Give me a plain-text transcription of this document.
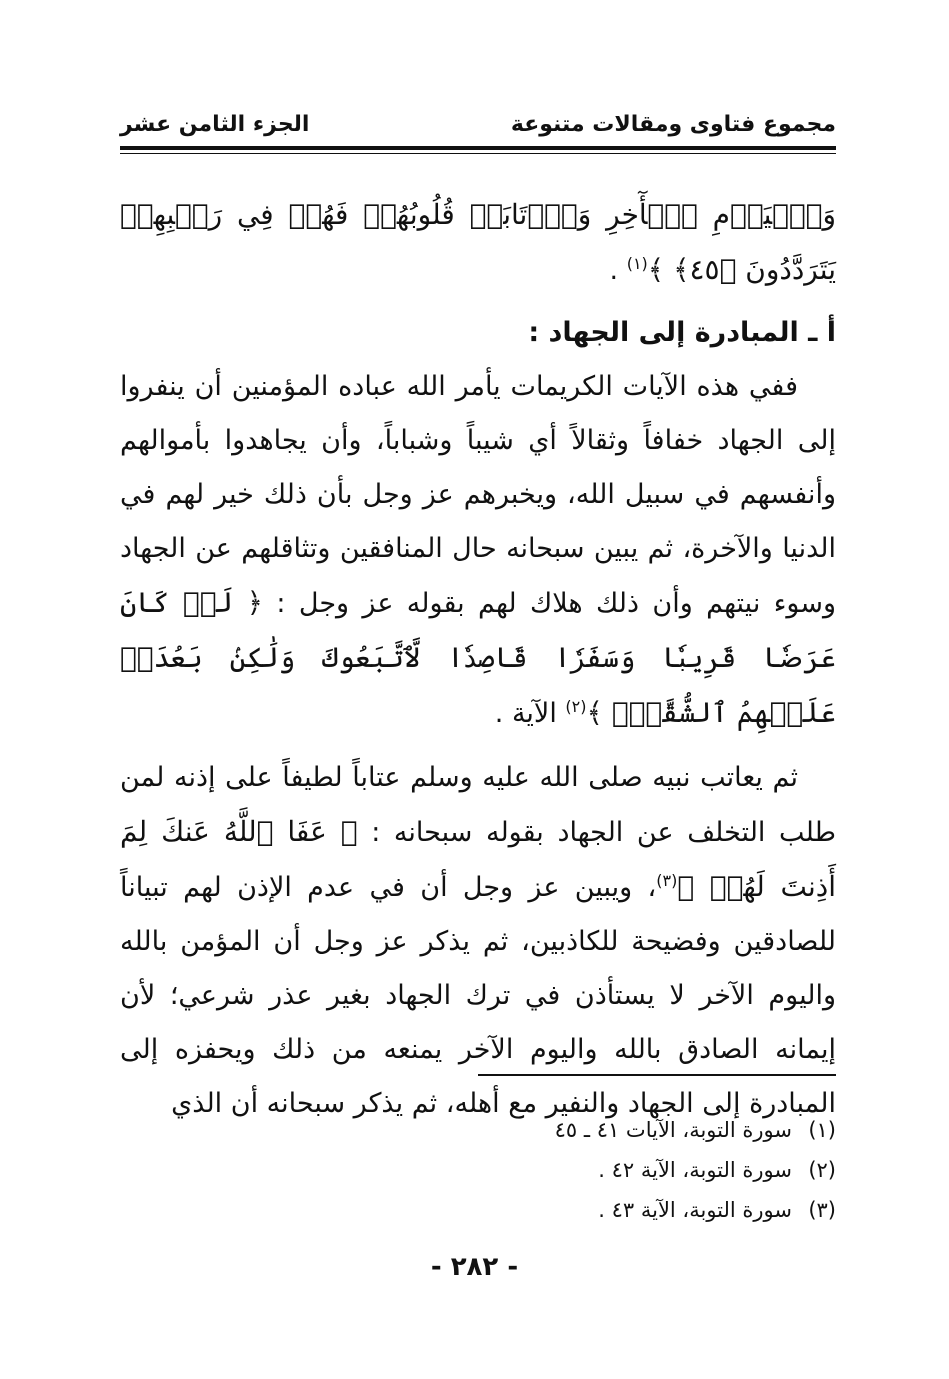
مجموع فتاوى ومقالات متنوعة
الجزء الثامن عشر

وَٱلۡيَوۡمِ ٱلۡأٓخِرِ وَٱرۡتَابَتۡ قُلُوبُهُمۡ فَهُمۡ فِي رَيۡبِهِمۡ يَتَرَدَّدُونَ ﴿٤٥﴾ ﴾$^{(١)}$ .

أ ـ المبادرة إلى الجهاد :

ففي هذه الآيات الكريمات يأمر الله عباده المؤمنين أن ينفروا إلى الجهاد خفافاً وثقالاً أي شيباً وشباباً، وأن يجاهدوا بأموالهم وأنفسهم في سبيل الله، ويخبرهم عز وجل بأن ذلك خير لهم في الدنيا والآخرة، ثم يبين سبحانه حال المنافقين وتثاقلهم عن الجهاد وسوء نيتهم وأن ذلك هلاك لهم بقوله عز وجل : ﴿ لَوۡ كَانَ عَرَضٗا قَرِيبٗا وَسَفَرٗا قَاصِدٗا لَّٱتَّبَعُوكَ وَلَٰكِنۢ بَعُدَتۡ عَلَيۡهِمُ ٱلشُّقَّةُۚ ﴾$^{(٢)}$ الآية .

ثم يعاتب نبيه صلى الله عليه وسلم عتاباً لطيفاً على إذنه لمن طلب التخلف عن الجهاد بقوله سبحانه : ﴿ عَفَا ٱللَّهُ عَنكَ لِمَ أَذِنتَ لَهُمۡ ﴾$^{(٣)}$، ويبين عز وجل أن في عدم الإذن لهم تبياناً للصادقين وفضيحة للكاذبين، ثم يذكر عز وجل أن المؤمن بالله واليوم الآخر لا يستأذن في ترك الجهاد بغير عذر شرعي؛ لأن إيمانه الصادق بالله واليوم الآخر يمنعه من ذلك ويحفزه إلى المبادرة إلى الجهاد والنفير مع أهله، ثم يذكر سبحانه أن الذي

(١)سورة التوبة، الآيات ٤١ ـ ٤٥
(٢)سورة التوبة، الآية ٤٢ .
(٣)سورة التوبة، الآية ٤٣ .
- ٢٨٢ -
